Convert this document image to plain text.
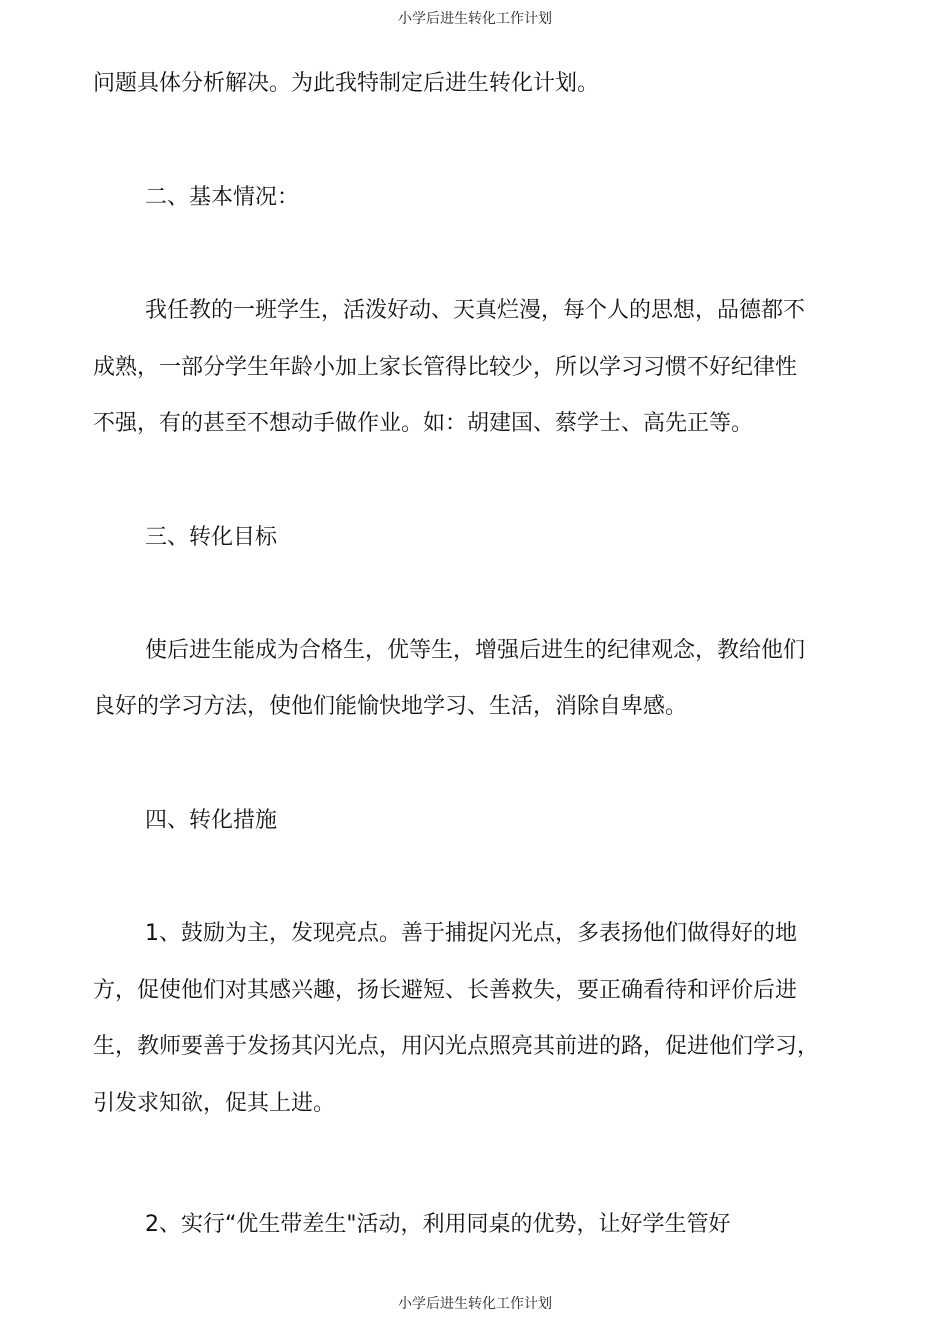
小学后进生转化工作计划
问题具体分析解决。为此我特制定后进生转化计划。
二、基本情况：
我任教的一班学生，活泼好动、天真烂漫，每个人的思想，品德都不
成熟，一部分学生年龄小加上家长管得比较少，所以学习习惯不好纪律性
不强，有的甚至不想动手做作业。如：胡建国、蔡学士、高先正等。
三、转化目标
使后进生能成为合格生，优等生，增强后进生的纪律观念，教给他们
良好的学习方法，使他们能愉快地学习、生活，消除自卑感。
四、转化措施
1、鼓励为主，发现亮点。善于捕捉闪光点，多表扬他们做得好的地
方，促使他们对其感兴趣，扬长避短、长善救失，要正确看待和评价后进
生，教师要善于发扬其闪光点，用闪光点照亮其前进的路，促进他们学习，
引发求知欲，促其上进。
2、实行“优生带差生"活动，利用同桌的优势，让好学生管好
小学后进生转化工作计划
